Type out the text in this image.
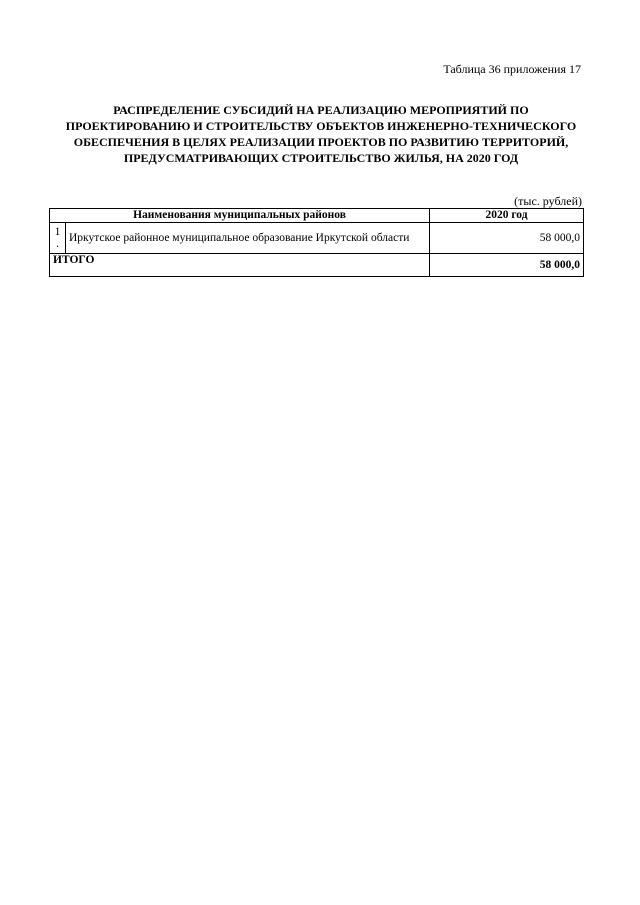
Таблица 36 приложения 17
РАСПРЕДЕЛЕНИЕ СУБСИДИЙ НА РЕАЛИЗАЦИЮ МЕРОПРИЯТИЙ ПО
ПРОЕКТИРОВАНИЮ И СТРОИТЕЛЬСТВУ ОБЪЕКТОВ ИНЖЕНЕРНО-ТЕХНИЧЕСКОГО
ОБЕСПЕЧЕНИЯ В ЦЕЛЯХ РЕАЛИЗАЦИИ ПРОЕКТОВ ПО РАЗВИТИЮ ТЕРРИТОРИЙ,
ПРЕДУСМАТРИВАЮЩИХ СТРОИТЕЛЬСТВО ЖИЛЬЯ, НА 2020 ГОД
(тыс. рублей)
Наименования муниципальных районов		2020 год
1 .	Иркутское районное муниципальное образование Иркутской области	58 000,0
ИТОГО		58 000,0
